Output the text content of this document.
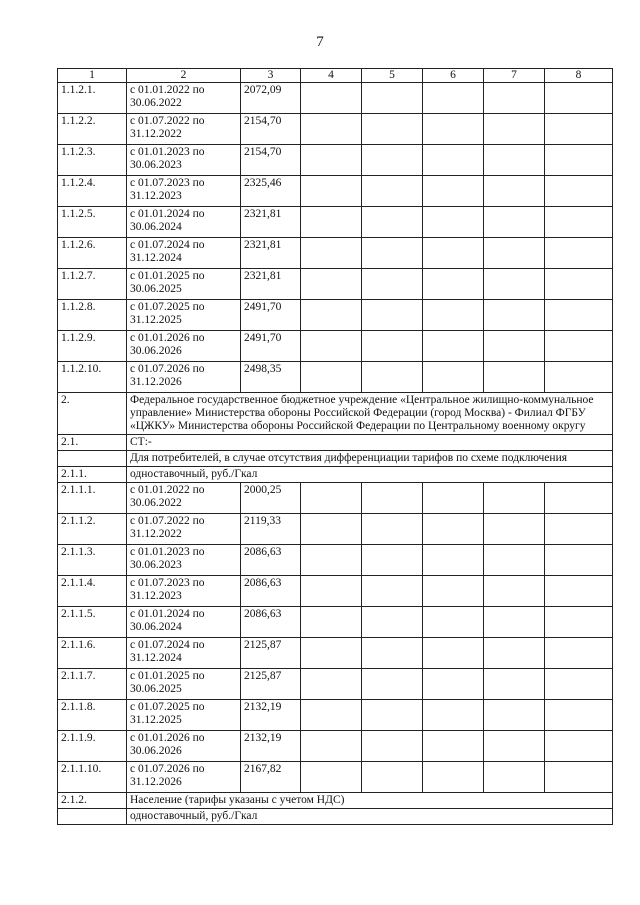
7
1	2	3	4	5	6	7	8
1.1.2.1.	с 01.01.2022 по 30.06.2022	2072,09					
1.1.2.2.	с 01.07.2022 по 31.12.2022	2154,70					
1.1.2.3.	с 01.01.2023 по 30.06.2023	2154,70					
1.1.2.4.	с 01.07.2023 по 31.12.2023	2325,46					
1.1.2.5.	с 01.01.2024 по 30.06.2024	2321,81					
1.1.2.6.	с 01.07.2024 по 31.12.2024	2321,81					
1.1.2.7.	с 01.01.2025 по 30.06.2025	2321,81					
1.1.2.8.	с 01.07.2025 по 31.12.2025	2491,70					
1.1.2.9.	с 01.01.2026 по 30.06.2026	2491,70					
1.1.2.10.	с 01.07.2026 по 31.12.2026	2498,35					
2.	Федеральное государственное бюджетное учреждение «Центральное жилищно-коммунальное управление» Министерства обороны Российской Федерации (город Москва) - Филиал ФГБУ «ЦЖКУ» Министерства обороны Российской Федерации по Центральному военному округу						
2.1.	СТ:-						
	Для потребителей, в случае отсутствия дифференциации тарифов по схеме подключения						
2.1.1.	одноставочный, руб./Гкал						
2.1.1.1.	с 01.01.2022 по 30.06.2022	2000,25					
2.1.1.2.	с 01.07.2022 по 31.12.2022	2119,33					
2.1.1.3.	с 01.01.2023 по 30.06.2023	2086,63					
2.1.1.4.	с 01.07.2023 по 31.12.2023	2086,63					
2.1.1.5.	с 01.01.2024 по 30.06.2024	2086,63					
2.1.1.6.	с 01.07.2024 по 31.12.2024	2125,87					
2.1.1.7.	с 01.01.2025 по 30.06.2025	2125,87					
2.1.1.8.	с 01.07.2025 по 31.12.2025	2132,19					
2.1.1.9.	с 01.01.2026 по 30.06.2026	2132,19					
2.1.1.10.	с 01.07.2026 по 31.12.2026	2167,82					
2.1.2.	Население (тарифы указаны с учетом НДС)						
	одноставочный, руб./Гкал						
